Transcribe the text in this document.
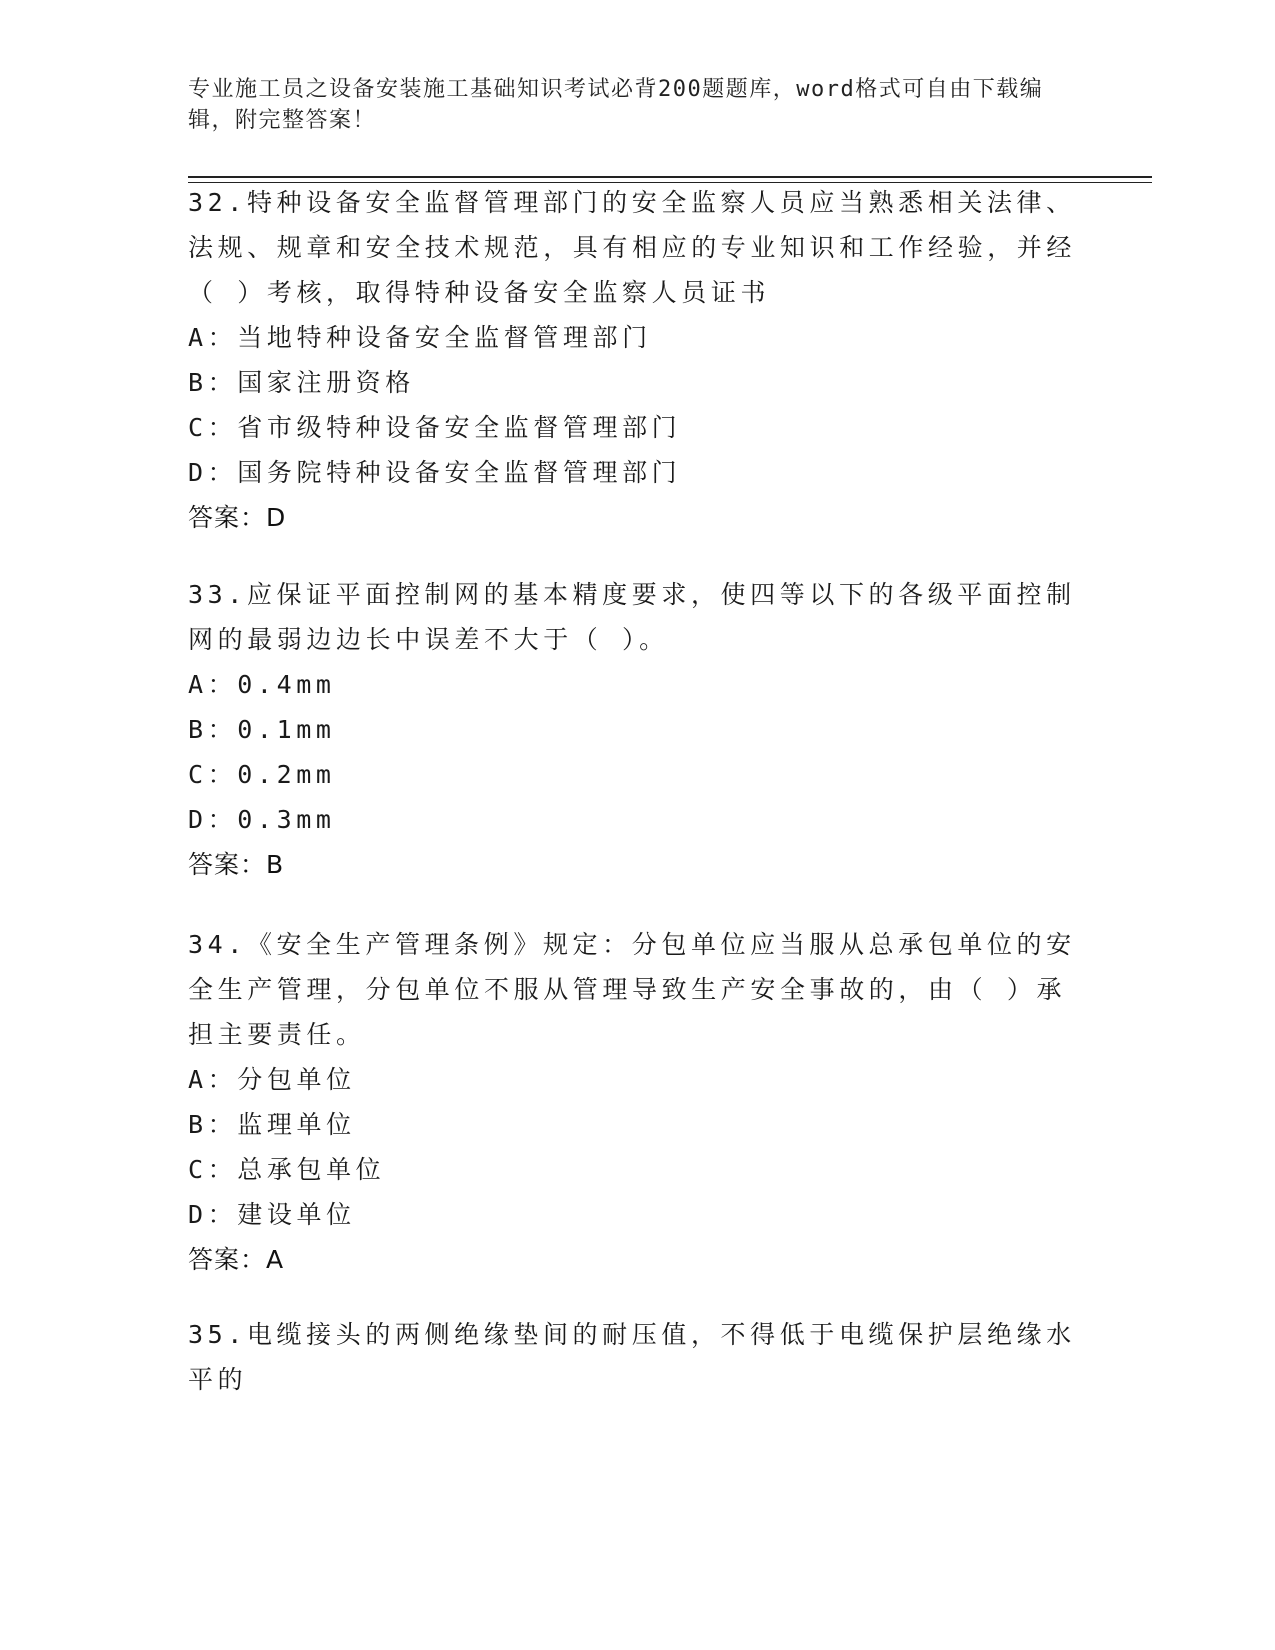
专业施工员之设备安装施工基础知识考试必背200题题库，word格式可自由下载编辑，附完整答案！

32.特种设备安全监督管理部门的安全监察人员应当熟悉相关法律、法规、规章和安全技术规范，具有相应的专业知识和工作经验，并经（ ）考核，取得特种设备安全监察人员证书

A：当地特种设备安全监督管理部门

B：国家注册资格

C：省市级特种设备安全监督管理部门

D：国务院特种设备安全监督管理部门

答案：D

33.应保证平面控制网的基本精度要求，使四等以下的各级平面控制网的最弱边边长中误差不大于（ ）。

A：0.4mm

B：0.1mm

C：0.2mm

D：0.3mm

答案：B

34.《安全生产管理条例》规定：分包单位应当服从总承包单位的安全生产管理，分包单位不服从管理导致生产安全事故的，由（ ）承担主要责任。

A：分包单位

B：监理单位

C：总承包单位

D：建设单位

答案：A

35.电缆接头的两侧绝缘垫间的耐压值，不得低于电缆保护层绝缘水平的
